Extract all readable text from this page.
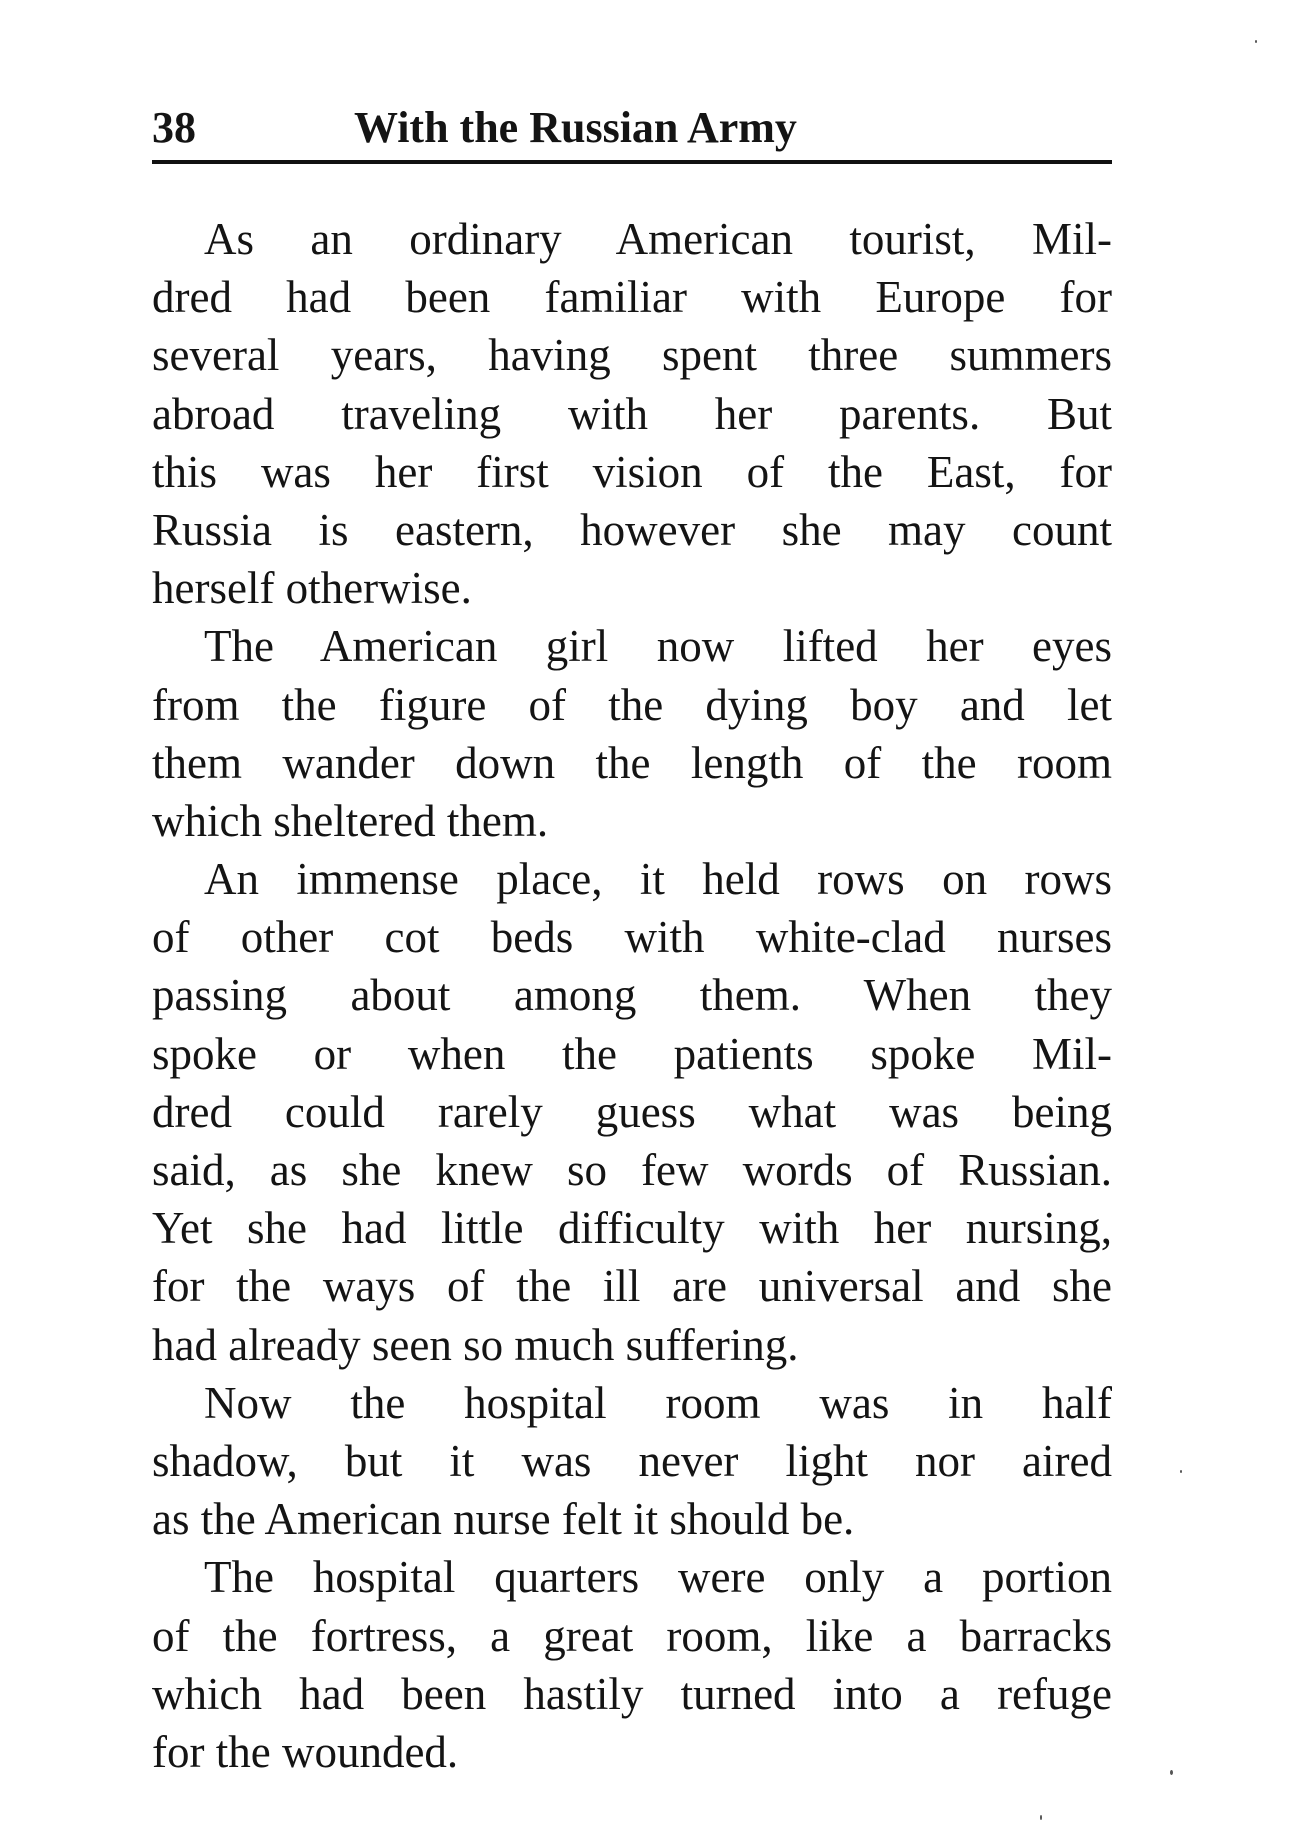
38	With the Russian Army
As an ordinary American tourist, Mil-
dred had been familiar with Europe for
several years, having spent three summers
abroad traveling with her parents. But
this was her first vision of the East, for
Russia is eastern, however she may count
herself otherwise.
The American girl now lifted her eyes
from the figure of the dying boy and let
them wander down the length of the room
which sheltered them.
An immense place, it held rows on rows
of other cot beds with white-clad nurses
passing about among them. When they
spoke or when the patients spoke Mil-
dred could rarely guess what was being
said, as she knew so few words of Russian.
Yet she had little difficulty with her nursing,
for the ways of the ill are universal and she
had already seen so much suffering.
Now the hospital room was in half
shadow, but it was never light nor aired
as the American nurse felt it should be.
The hospital quarters were only a portion
of the fortress, a great room, like a barracks
which had been hastily turned into a refuge
for the wounded.
